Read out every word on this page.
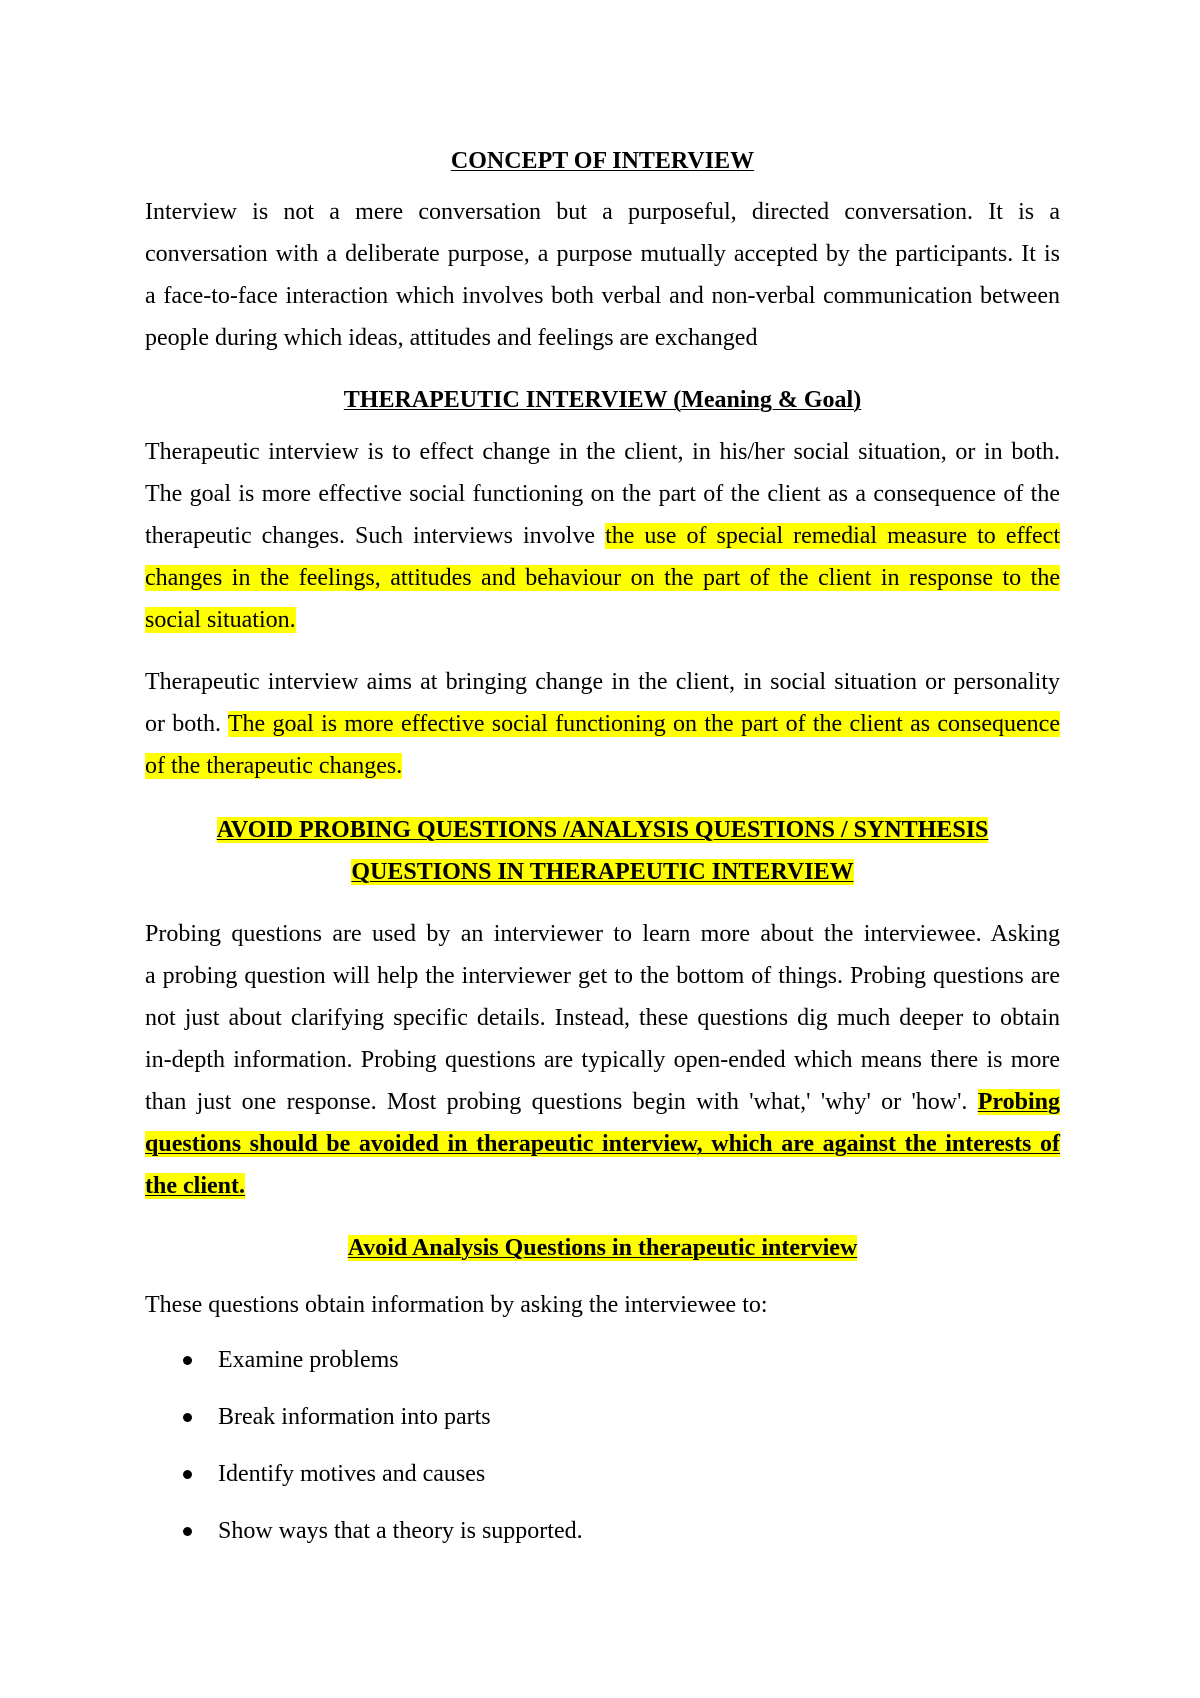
CONCEPT OF INTERVIEW
Interview is not a mere conversation but a purposeful, directed conversation. It is a
conversation with a deliberate purpose, a purpose mutually accepted by the participants. It is
a face-to-face interaction which involves both verbal and non-verbal communication between
people during which ideas, attitudes and feelings are exchanged
THERAPEUTIC INTERVIEW (Meaning & Goal)
Therapeutic interview is to effect change in the client, in his/her social situation, or in both.
The goal is more effective social functioning on the part of the client as a consequence of the
therapeutic changes. Such interviews involve the use of special remedial measure to effect
changes in the feelings, attitudes and behaviour on the part of the client in response to the
social situation.
Therapeutic interview aims at bringing change in the client, in social situation or personality
or both. The goal is more effective social functioning on the part of the client as consequence
of the therapeutic changes.
AVOID PROBING QUESTIONS /ANALYSIS QUESTIONS / SYNTHESIS
QUESTIONS IN THERAPEUTIC INTERVIEW
Probing questions are used by an interviewer to learn more about the interviewee. Asking
a probing question will help the interviewer get to the bottom of things. Probing questions are
not just about clarifying specific details. Instead, these questions dig much deeper to obtain
in-depth information. Probing questions are typically open-ended which means there is more
than just one response. Most probing questions begin with 'what,' 'why' or 'how'. Probing
questions should be avoided in therapeutic interview, which are against the interests of
the client.
Avoid Analysis Questions in therapeutic interview
These questions obtain information by asking the interviewee to:
Examine problems
Break information into parts
Identify motives and causes
Show ways that a theory is supported.
